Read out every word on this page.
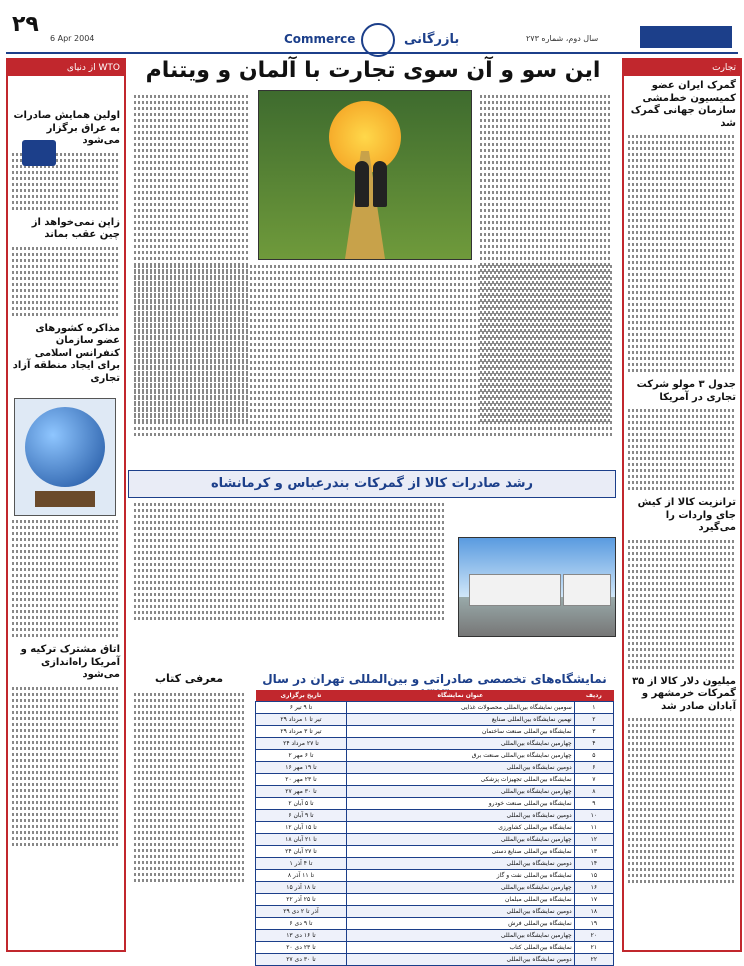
٢٩
6 Apr 2004	Commerce	بازرگانی	سال دوم، شماره ۲۷۳
از دنیای WTO
اولین همایش صادرات به عراق برگزار می‌شود
زاپن نمی‌خواهد از چین عقب بماند
مذاکره کشورهای عضو سازمان کنفرانس اسلامی برای ایجاد منطقه آزاد تجاری
اتاق مشترک ترکیه و آمریکا راه‌اندازی می‌شود
تجارت
گمرک ایران عضو کمیسیون خط‌مشی سازمان جهانی گمرک شد
جدول ۳ مولو شرکت تجاری در آمریکا
ترانزیت کالا از کیش جای واردات را می‌گیرد
۳۵ میلیون دلار کالا از گمرکات خرمشهر و آبادان صادر شد
این سو و آن سوی تجارت با آلمان و ویتنام
رشد صادرات کالا از گمرکات بندرعباس و کرمانشاه
معرفی کتاب	نمایشگاه‌های تخصصی صادراتی و بین‌المللی تهران در سال
تاریخ برگزاری	عنوان نمایشگاه	ردیف
۶ تا ۹ تیر	سومین نمایشگاه بین‌المللی محصولات غذایی	۱
۲۹ تیر تا ۱ مرداد	نهمین نمایشگاه بین‌المللی صنایع	۲
۲۹ تیر تا ۳ مرداد	نمایشگاه بین‌المللی صنعت ساختمان	۳
۲۴ تا ۲۷ مرداد	چهارمین نمایشگاه بین‌المللی	۴
۲ تا ۶ مهر	چهارمین نمایشگاه بین‌المللی صنعت برق	۵
۱۶ تا ۱۹ مهر	دومین نمایشگاه بین‌المللی	۶
۲۰ تا ۲۳ مهر	نمایشگاه بین‌المللی تجهیزات پزشکی	۷
۲۷ تا ۳۰ مهر	چهارمین نمایشگاه بین‌المللی	۸
۲ تا ۵ آبان	نمایشگاه بین‌المللی صنعت خودرو	۹
۶ تا ۹ آبان	دومین نمایشگاه بین‌المللی	۱۰
۱۲ تا ۱۵ آبان	نمایشگاه بین‌المللی کشاورزی	۱۱
۱۸ تا ۲۱ آبان	چهارمین نمایشگاه بین‌المللی	۱۲
۲۴ تا ۲۷ آبان	نمایشگاه بین‌المللی صنایع دستی	۱۳
۱ تا ۴ آذر	دومین نمایشگاه بین‌المللی	۱۴
۸ تا ۱۱ آذر	نمایشگاه بین‌المللی نفت و گاز	۱۵
۱۵ تا ۱۸ آذر	چهارمین نمایشگاه بین‌المللی	۱۶
۲۲ تا ۲۵ آذر	نمایشگاه بین‌المللی مبلمان	۱۷
۲۹ آذر تا ۲ دی	دومین نمایشگاه بین‌المللی	۱۸
۶ تا ۹ دی	نمایشگاه بین‌المللی فرش	۱۹
۱۳ تا ۱۶ دی	چهارمین نمایشگاه بین‌المللی	۲۰
۲۰ تا ۲۳ دی	نمایشگاه بین‌المللی کتاب	۲۱
۲۷ تا ۳۰ دی	دومین نمایشگاه بین‌المللی	۲۲
